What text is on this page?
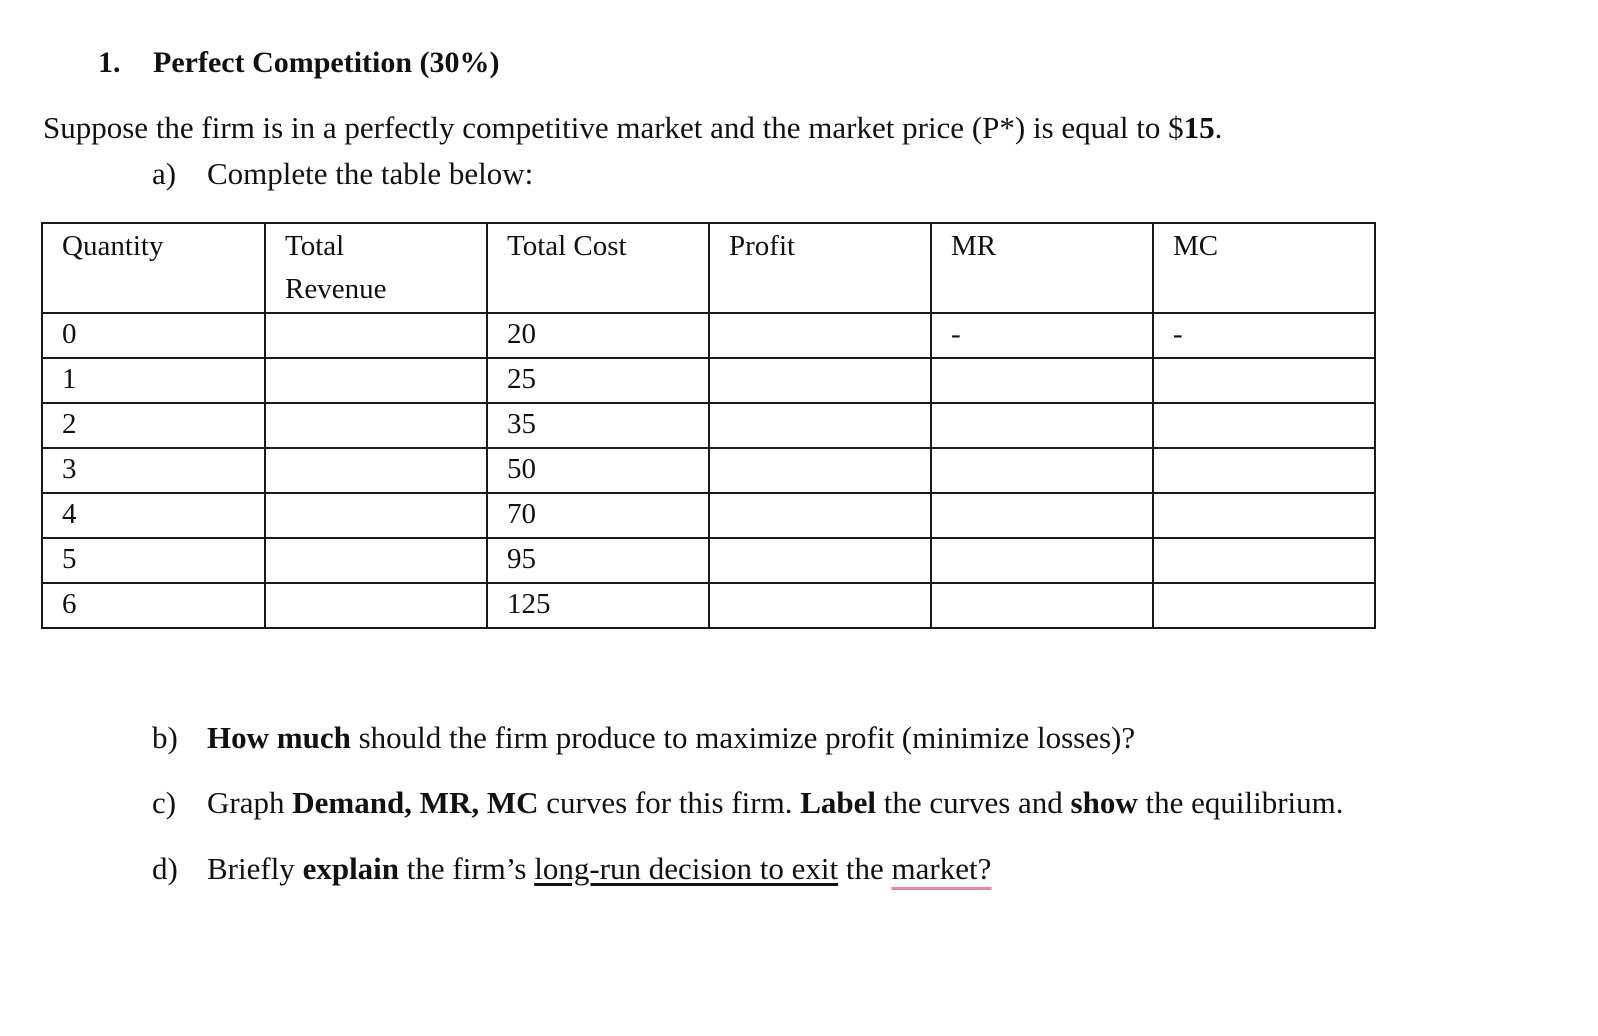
1. Perfect Competition (30%)
Suppose the firm is in a perfectly competitive market and the market price (P*) is equal to $15.
a) Complete the table below:
Quantity	Total Revenue	Total Cost	Profit	MR	MC

0		20		-	-

1		25			

2		35			

3		50			

4		70			

5		95			

6		125			

b) How much should the firm produce to maximize profit (minimize losses)?
c) Graph Demand, MR, MC curves for this firm. Label the curves and show the equilibrium.
d) Briefly explain the firm’s long-run decision to exit the market?
